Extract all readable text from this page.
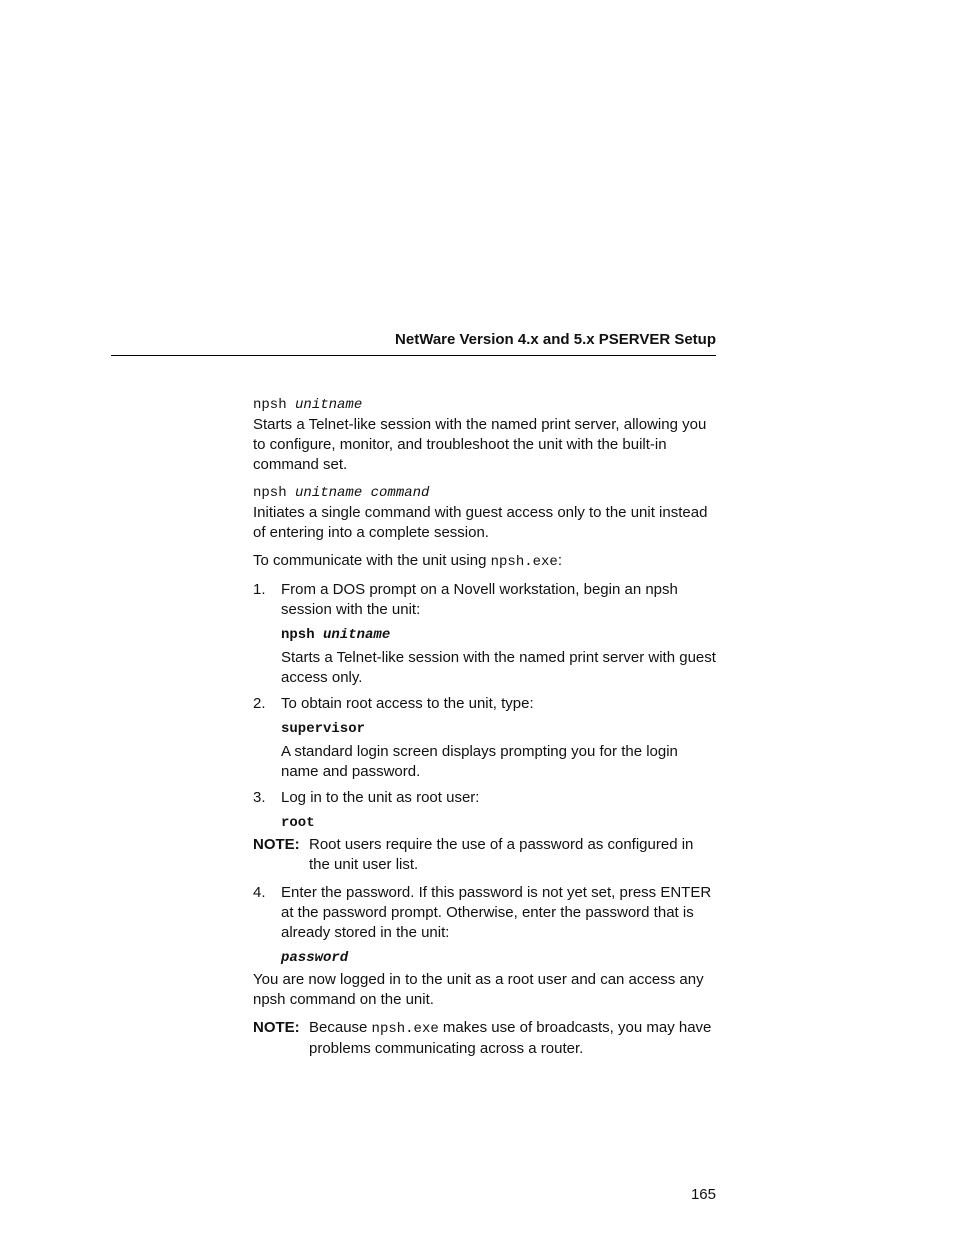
NetWare Version 4.x and 5.x PSERVER Setup
npsh unitname

Starts a Telnet-like session with the named print server, allowing you to configure, monitor, and troubleshoot the unit with the built-in command set.

npsh unitname command

Initiates a single command with guest access only to the unit instead of entering into a complete session.

To communicate with the unit using npsh.exe:

1. From a DOS prompt on a Novell workstation, begin an npsh session with the unit:

npsh unitname

Starts a Telnet-like session with the named print server with guest access only.

2. To obtain root access to the unit, type:

supervisor

A standard login screen displays prompting you for the login name and password.

3. Log in to the unit as root user:

root
NOTE: Root users require the use of a password as configured in the unit user list.

4. Enter the password. If this password is not yet set, press ENTER at the password prompt. Otherwise, enter the password that is already stored in the unit:

password

You are now logged in to the unit as a root user and can access any npsh command on the unit.

NOTE: Because npsh.exe makes use of broadcasts, you may have problems communicating across a router.

165
